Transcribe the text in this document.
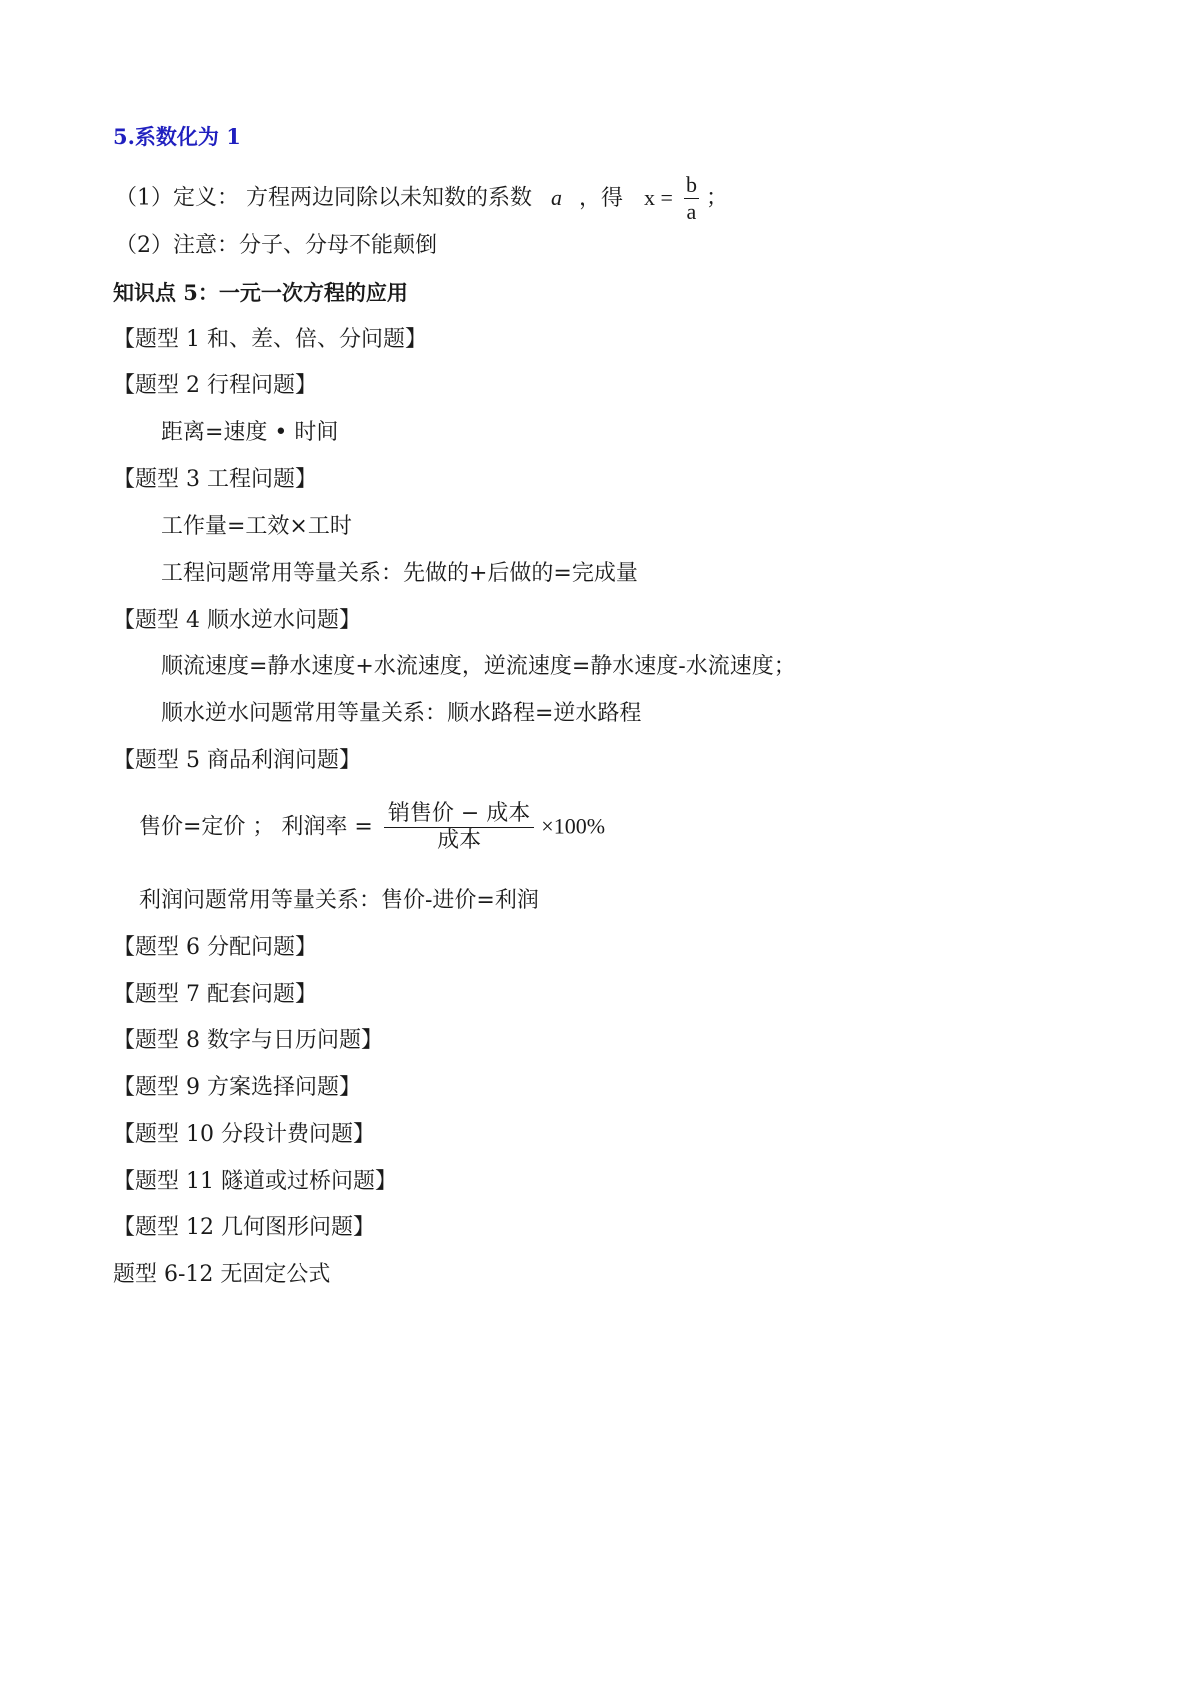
5.系数化为 1
（1）定义： 方程两边同除以未知数的系数 a ，得 $x = \frac{b}{a}$ ；
（2）注意：分子、分母不能颠倒
知识点 5：一元一次方程的应用
【题型 1 和、差、倍、分问题】
【题型 2 行程问题】
距离=速度 • 时间
【题型 3 工程问题】
工作量=工效×工时
工程问题常用等量关系：先做的+后做的=完成量
【题型 4 顺水逆水问题】
顺流速度=静水速度+水流速度，逆流速度=静水速度-水流速度；
顺水逆水问题常用等量关系：顺水路程=逆水路程
【题型 5 商品利润问题】
售价=定价 ； 利润率 = $\frac{\text{销售价 − 成本}}{\text{成本}} \times 100\%$
利润问题常用等量关系：售价-进价=利润
【题型 6 分配问题】
【题型 7 配套问题】
【题型 8 数字与日历问题】
【题型 9 方案选择问题】
【题型 10 分段计费问题】
【题型 11 隧道或过桥问题】
【题型 12 几何图形问题】
题型 6-12 无固定公式
